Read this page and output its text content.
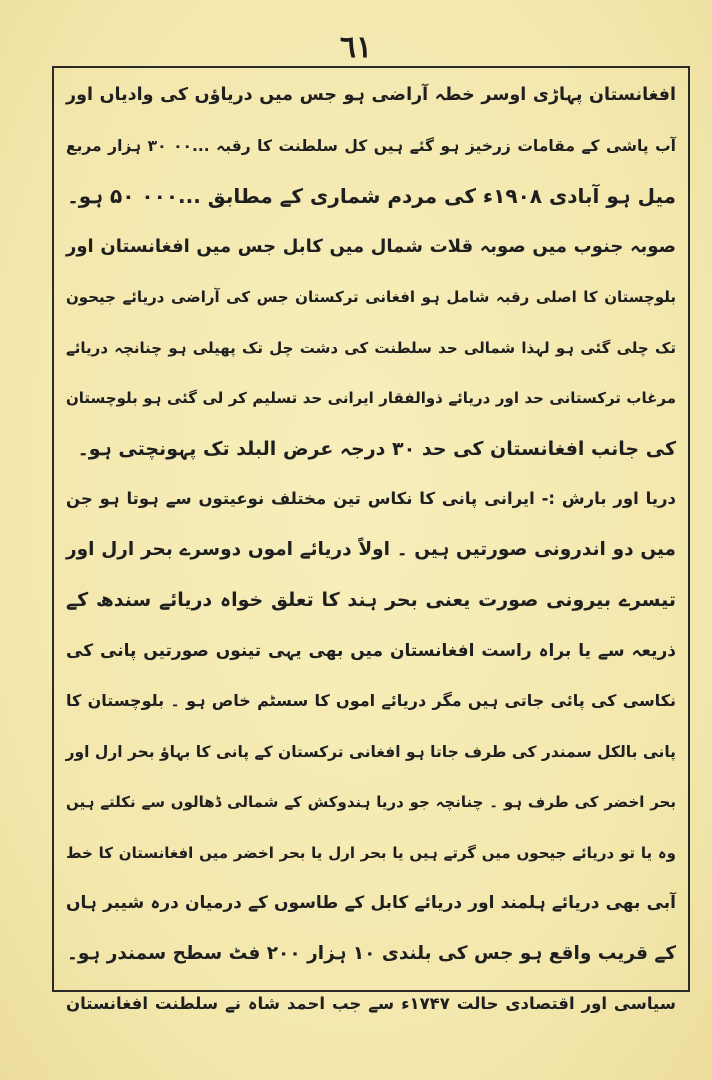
٦١
افغانستان پہاڑی اوسر خطہ آراضی ہو جس میں دریاؤں کی وادیاں اور
آب پاشی کے مقامات زرخیز ہو گئے ہیں کل سلطنت کا رقبہ ...۰۰ ۳۰ ہزار مربع
میل ہو آبادی ۱۹۰۸ء کی مردم شماری کے مطابق ...۰۰۰ ۵۰ ہو۔
صوبہ جنوب میں صوبہ قلات شمال میں کابل جس میں افغانستان اور
بلوچستان کا اصلی رقبہ شامل ہو افغانی ترکستان جس کی آراضی دریائے جیحون
تک چلی گئی ہو لہذا شمالی حد سلطنت کی دشت چل تک پھیلی ہو چنانچہ دریائے
مرغاب ترکستانی حد اور دریائے ذوالفقار ایرانی حد تسلیم کر لی گئی ہو بلوچستان
کی جانب افغانستان کی حد ۳۰ درجہ عرض البلد تک پہونچتی ہو۔
دریا اور بارش :- ایرانی پانی کا نکاس تین مختلف نوعیتوں سے ہوتا ہو جن
میں دو اندرونی صورتیں ہیں ۔ اولاً دریائے اموں دوسرے بحر ارل اور
تیسرے بیرونی صورت یعنی بحر ہند کا تعلق خواہ دریائے سندھ کے
ذریعہ سے یا براہ راست افغانستان میں بھی یہی تینوں صورتیں پانی کی
نکاسی کی پائی جاتی ہیں مگر دریائے اموں کا سسٹم خاص ہو ۔ بلوچستان کا
پانی بالکل سمندر کی طرف جاتا ہو افغانی ترکستان کے پانی کا بہاؤ بحر ارل اور
بحر اخضر کی طرف ہو ۔ چنانچہ جو دریا ہندوکش کے شمالی ڈھالوں سے نکلتے ہیں
وہ یا تو دریائے جیحوں میں گرتے ہیں یا بحر ارل یا بحر اخضر میں افغانستان کا خط
آبی بھی دریائے ہلمند اور دریائے کابل کے طاسوں کے درمیان درہ شیبر ہاں
کے قریب واقع ہو جس کی بلندی ۱۰ ہزار ۲۰۰ فٹ سطح سمندر ہو۔
سیاسی اور اقتصادی حالت ۱۷۴۷ء سے جب احمد شاہ نے سلطنت افغانستان
